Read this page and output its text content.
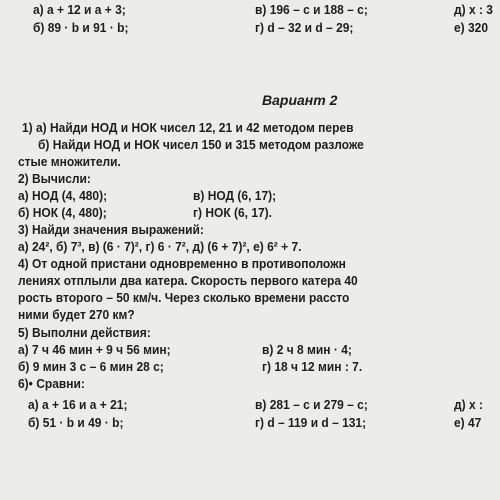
а) a + 12 и a + 3;	в) 196 – c и 188 – c;	д) x : 3
б) 89 · b и 91 · b;	г) d – 32 и d – 29;	е) 320
Вариант 2
1) а) Найди НОД и НОК чисел 12, 21 и 42 методом перев
б) Найди НОД и НОК чисел 150 и 315 методом разложе
стые множители.
2) Вычисли:
а) НОД (4, 480);	в) НОД (6, 17);
б) НОК (4, 480);	г) НОК (6, 17).
3) Найди значения выражений:
а) 24², б) 7³, в) (6 · 7)², г) 6 · 7², д) (6 + 7)², е) 6² + 7.
4) От одной пристани одновременно в противоположн
лениях отплыли два катера. Скорость первого катера 40
рость второго – 50 км/ч. Через сколько времени рассто
ними будет 270 км?
5) Выполни действия:
а) 7 ч 46 мин + 9 ч 56 мин;	в) 2 ч 8 мин · 4;
б) 9 мин 3 с – 6 мин 28 с;	г) 18 ч 12 мин : 7.
6)• Сравни:
а) a + 16 и a + 21;	в) 281 – c и 279 – c;	д) x :
б) 51 · b и 49 · b;	г) d – 119 и d – 131;	е) 47
